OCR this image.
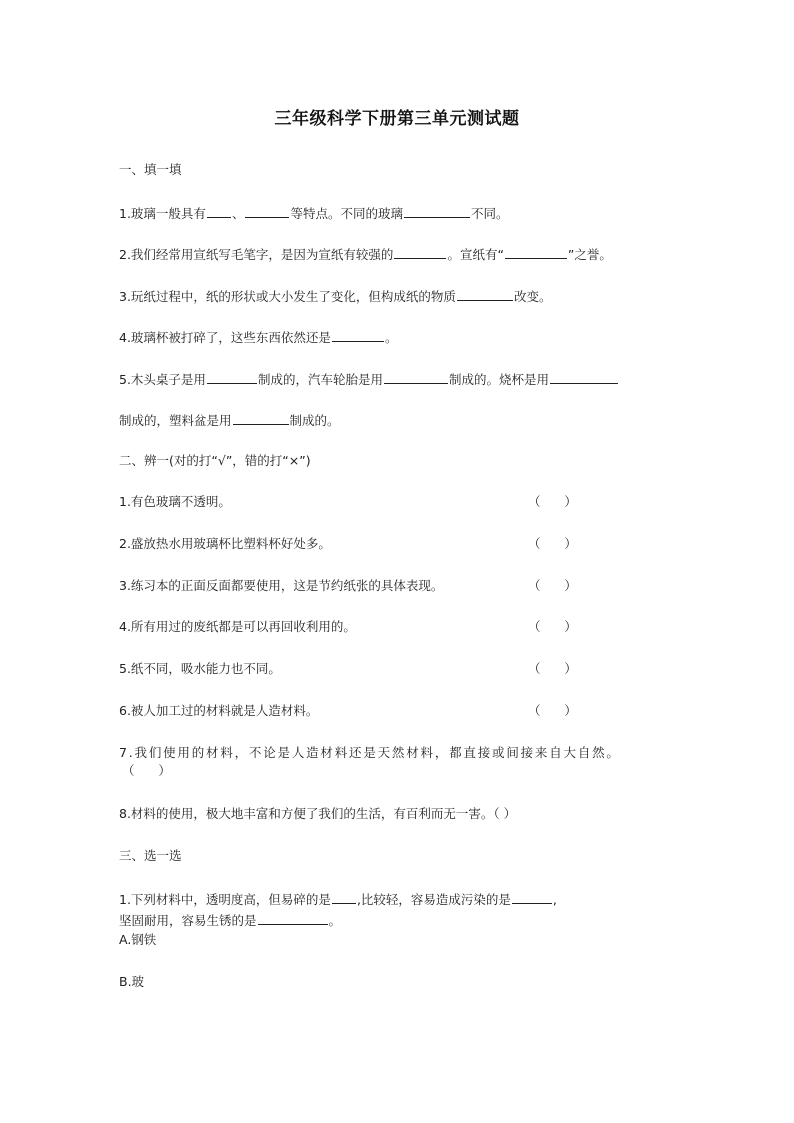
三年级科学下册第三单元测试题
一、填一填
1.玻璃一般具有 、	等特点。不同的玻璃	不同。
2.我们经常用宣纸写毛笔字，是因为宣纸有较强的	。宣纸有“	”之誉。
3.玩纸过程中，纸的形状或大小发生了变化，但构成纸的物质	改变。
4.玻璃杯被打碎了，这些东西依然还是	。
5.木头桌子是用	制成的，汽车轮胎是用	制成的。烧杯是用
制成的，塑料盆是用	制成的。
二、辨一(对的打“√”，错的打“×”)
1.有色玻璃不透明。	（      ）
2.盛放热水用玻璃杯比塑料杯好处多。	（      ）
3.练习本的正面反面都要使用，这是节约纸张的具体表现。	（      ）
4.所有用过的废纸都是可以再回收利用的。	（      ）
5.纸不同，吸水能力也不同。	（      ）
6.被人加工过的材料就是人造材料。	（      ）
7.我们使用的材料，不论是人造材料还是天然材料，都直接或间接来自大自然。
（      ）
8.材料的使用，极大地丰富和方便了我们的生活，有百利而无一害。（ ）
三、选一选
1.下列材料中，透明度高，但易碎的是 ,比较轻，容易造成污染的是	,
坚固耐用，容易生锈的是	。
A.钢铁
B.玻
